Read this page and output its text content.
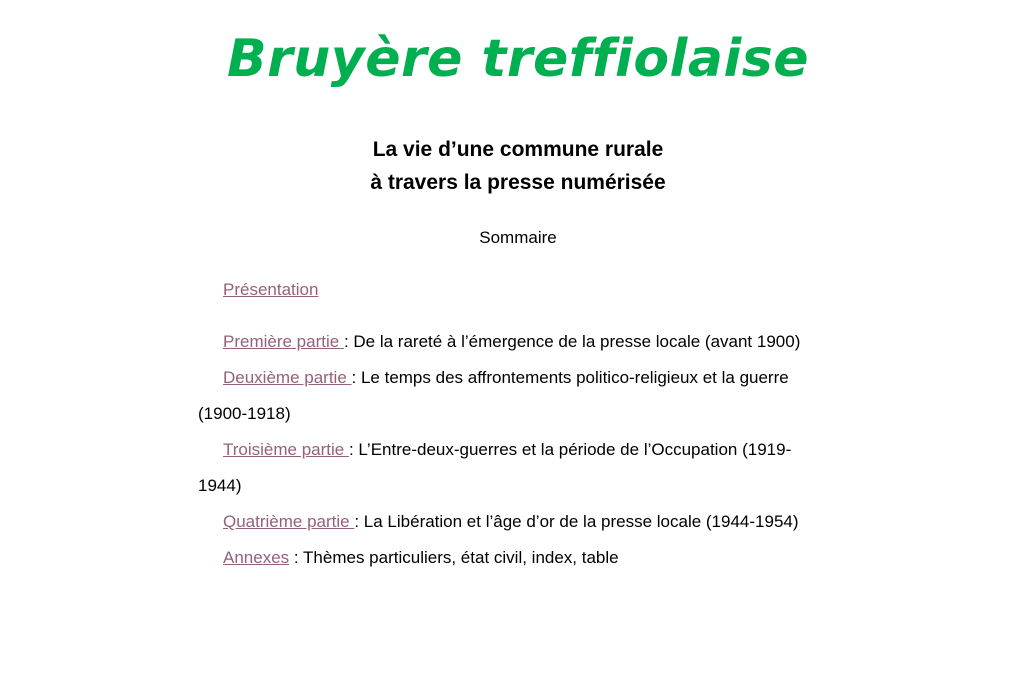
Bruyère treffiolaise
La vie d’une commune rurale
à travers la presse numérisée

Sommaire

Présentation

Première partie : De la rareté à l’émergence de la presse locale (avant 1900)

Deuxième partie : Le temps des affrontements politico-religieux et la guerre (1900-1918)

Troisième partie : L’Entre-deux-guerres et la période de l’Occupation (1919-1944)

Quatrième partie : La Libération et l’âge d’or de la presse locale (1944-1954)

Annexes : Thèmes particuliers, état civil, index, table
